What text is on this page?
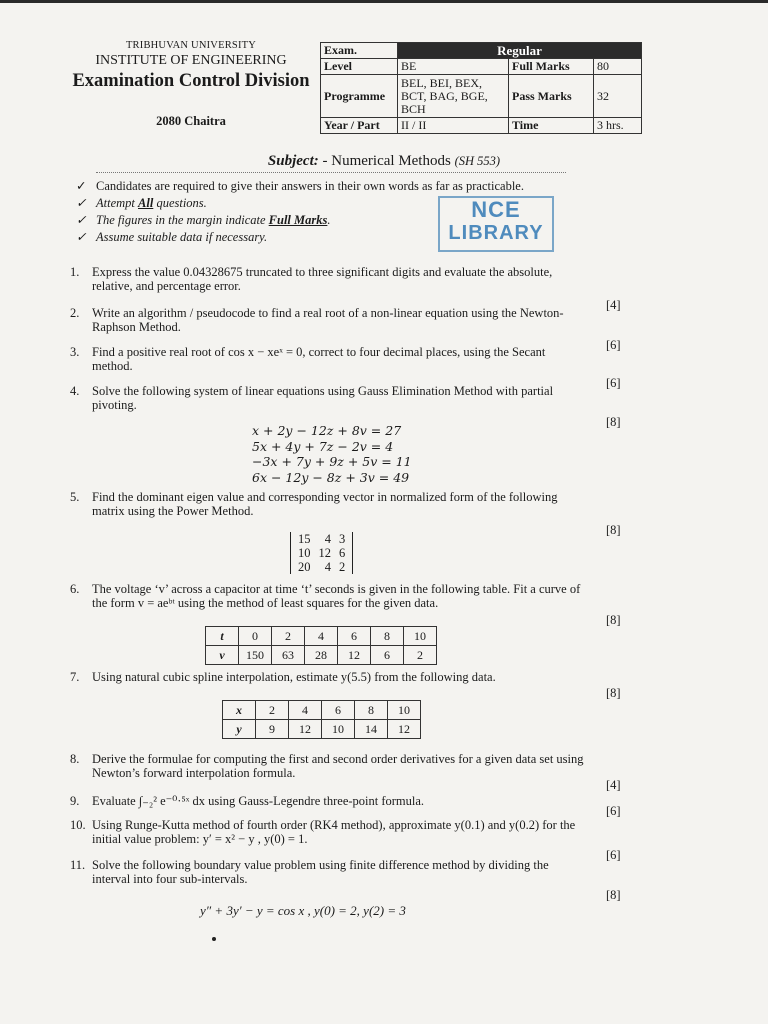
TRIBHUVAN UNIVERSITY
INSTITUTE OF ENGINEERING
Examination Control Division
2080 Chaitra
Exam.	Regular		
Level	BE	Full Marks	80
Programme	BEL, BEI, BEX, BCT, BAG, BGE, BCH	Pass Marks	32
Year / Part	II / II	Time	3 hrs.
Subject: - Numerical Methods (SH 553)
✓ Candidates are required to give their answers in their own words as far as practicable.
✓ Attempt All questions.
✓ The figures in the margin indicate Full Marks.
✓ Assume suitable data if necessary.
NCE
LIBRARY
1. Express the value 0.04328675 truncated to three significant digits and evaluate the absolute, relative, and percentage error.
[4]
2. Write an algorithm / pseudocode to find a real root of a non-linear equation using the Newton-Raphson Method.
[6]
3. Find a positive real root of cos x − xeˣ = 0, correct to four decimal places, using the Secant method.
[6]
4. Solve the following system of linear equations using Gauss Elimination Method with partial pivoting.
[8]
x + 2y − 12z + 8v = 27
5x + 4y + 7z − 2v = 4
−3x + 7y + 9z + 5v = 11
6x − 12y − 8z + 3v = 49
5. Find the dominant eigen value and corresponding vector in normalized form of the following matrix using the Power Method.
[8]
15	4	3
10	12	6
20	4	2
6. The voltage ‘v’ across a capacitor at time ‘t’ seconds is given in the following table. Fit a curve of the form v = aeᵇᵗ using the method of least squares for the given data.
[8]
t	0	2	4	6	8	10
v	150	63	28	12	6	2
7. Using natural cubic spline interpolation, estimate y(5.5) from the following data.
[8]
x	2	4	6	8	10
y	9	12	10	14	12
8. Derive the formulae for computing the first and second order derivatives for a given data set using Newton’s forward interpolation formula.
[4]
9. Evaluate ∫₋₂² e⁻⁰·⁵ˣ dx using Gauss-Legendre three-point formula.
[6]
10. Using Runge-Kutta method of fourth order (RK4 method), approximate y(0.1) and y(0.2) for the initial value problem: y′ = x² − y , y(0) = 1.
[6]
11. Solve the following boundary value problem using finite difference method by dividing the interval into four sub-intervals.
[8]
y″ + 3y′ − y = cos x , y(0) = 2, y(2) = 3
